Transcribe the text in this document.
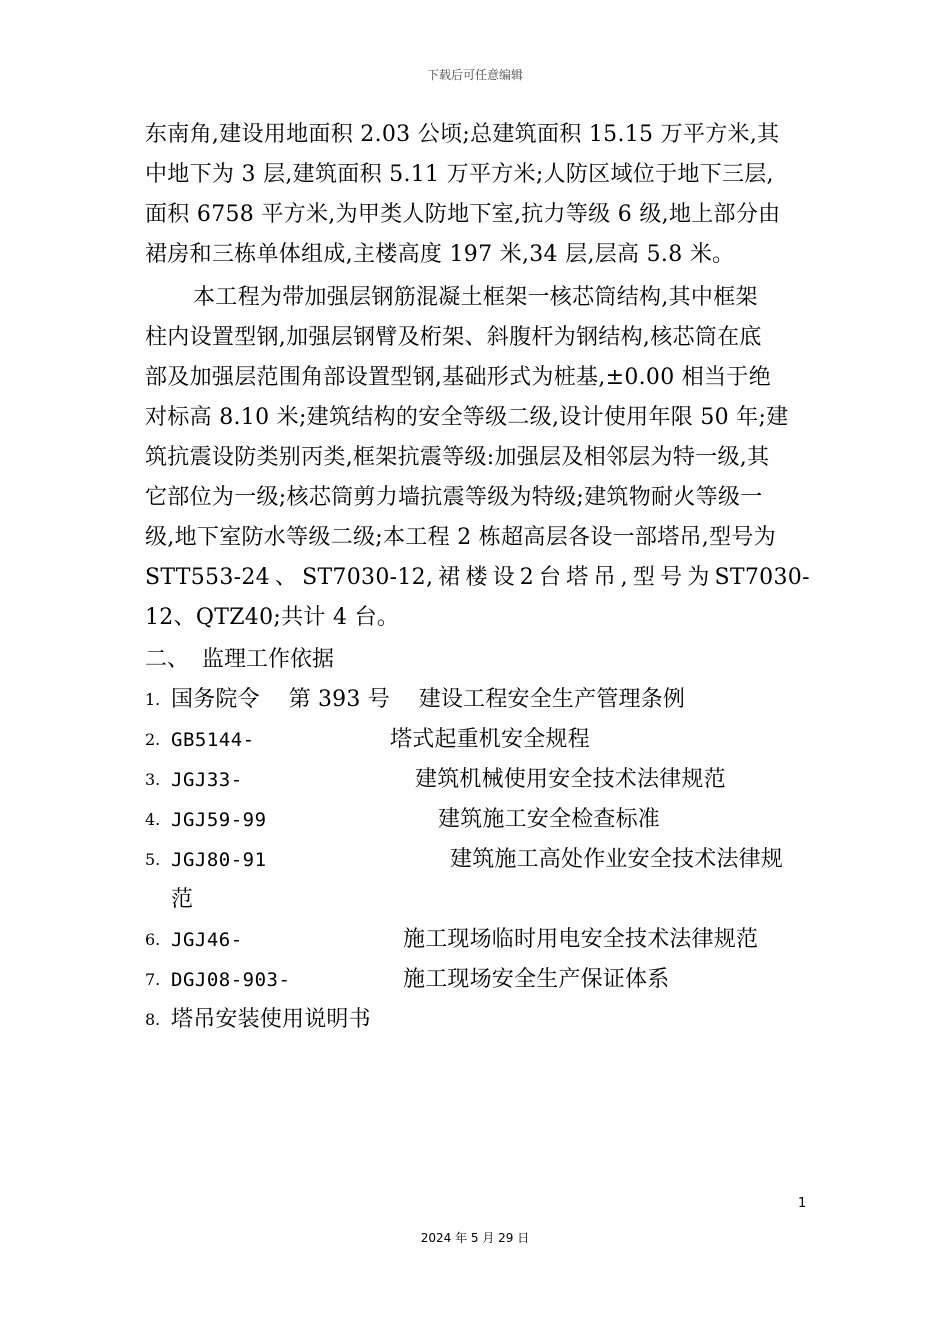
下载后可任意编辑
东南角,建设用地面积 2.03 公顷;总建筑面积 15.15 万平方米,其
中地下为 3 层,建筑面积 5.11 万平方米;人防区域位于地下三层,
面积 6758 平方米,为甲类人防地下室,抗力等级 6 级,地上部分由
裙房和三栋单体组成,主楼高度 197 米,34 层,层高 5.8 米。
本工程为带加强层钢筋混凝土框架一核芯筒结构,其中框架
柱内设置型钢,加强层钢臂及桁架、斜腹杆为钢结构,核芯筒在底
部及加强层范围角部设置型钢,基础形式为桩基,±0.00 相当于绝
对标高 8.10 米;建筑结构的安全等级二级,设计使用年限 50 年;建
筑抗震设防类别丙类,框架抗震等级:加强层及相邻层为特一级,其
它部位为一级;核芯筒剪力墙抗震等级为特级;建筑物耐火等级一
级,地下室防水等级二级;本工程 2 栋超高层各设一部塔吊,型号为
STT553-24 、 ST7030-12, 裙 楼 设 2 台 塔 吊 , 型 号 为 ST7030-
12、QTZ40;共计 4 台。
二、 监理工作依据
1. 国务院令    第 393 号    建设工程安全生产管理条例
2. GB5144-	塔式起重机安全规程
3. JGJ33-	建筑机械使用安全技术法律规范
4. JGJ59-99	建筑施工安全检查标准
5. JGJ80-91	建筑施工高处作业安全技术法律规
范
6. JGJ46-	施工现场临时用电安全技术法律规范
7. DGJ08-903-	施工现场安全生产保证体系
8. 塔吊安装使用说明书
1
2024 年 5 月 29 日
